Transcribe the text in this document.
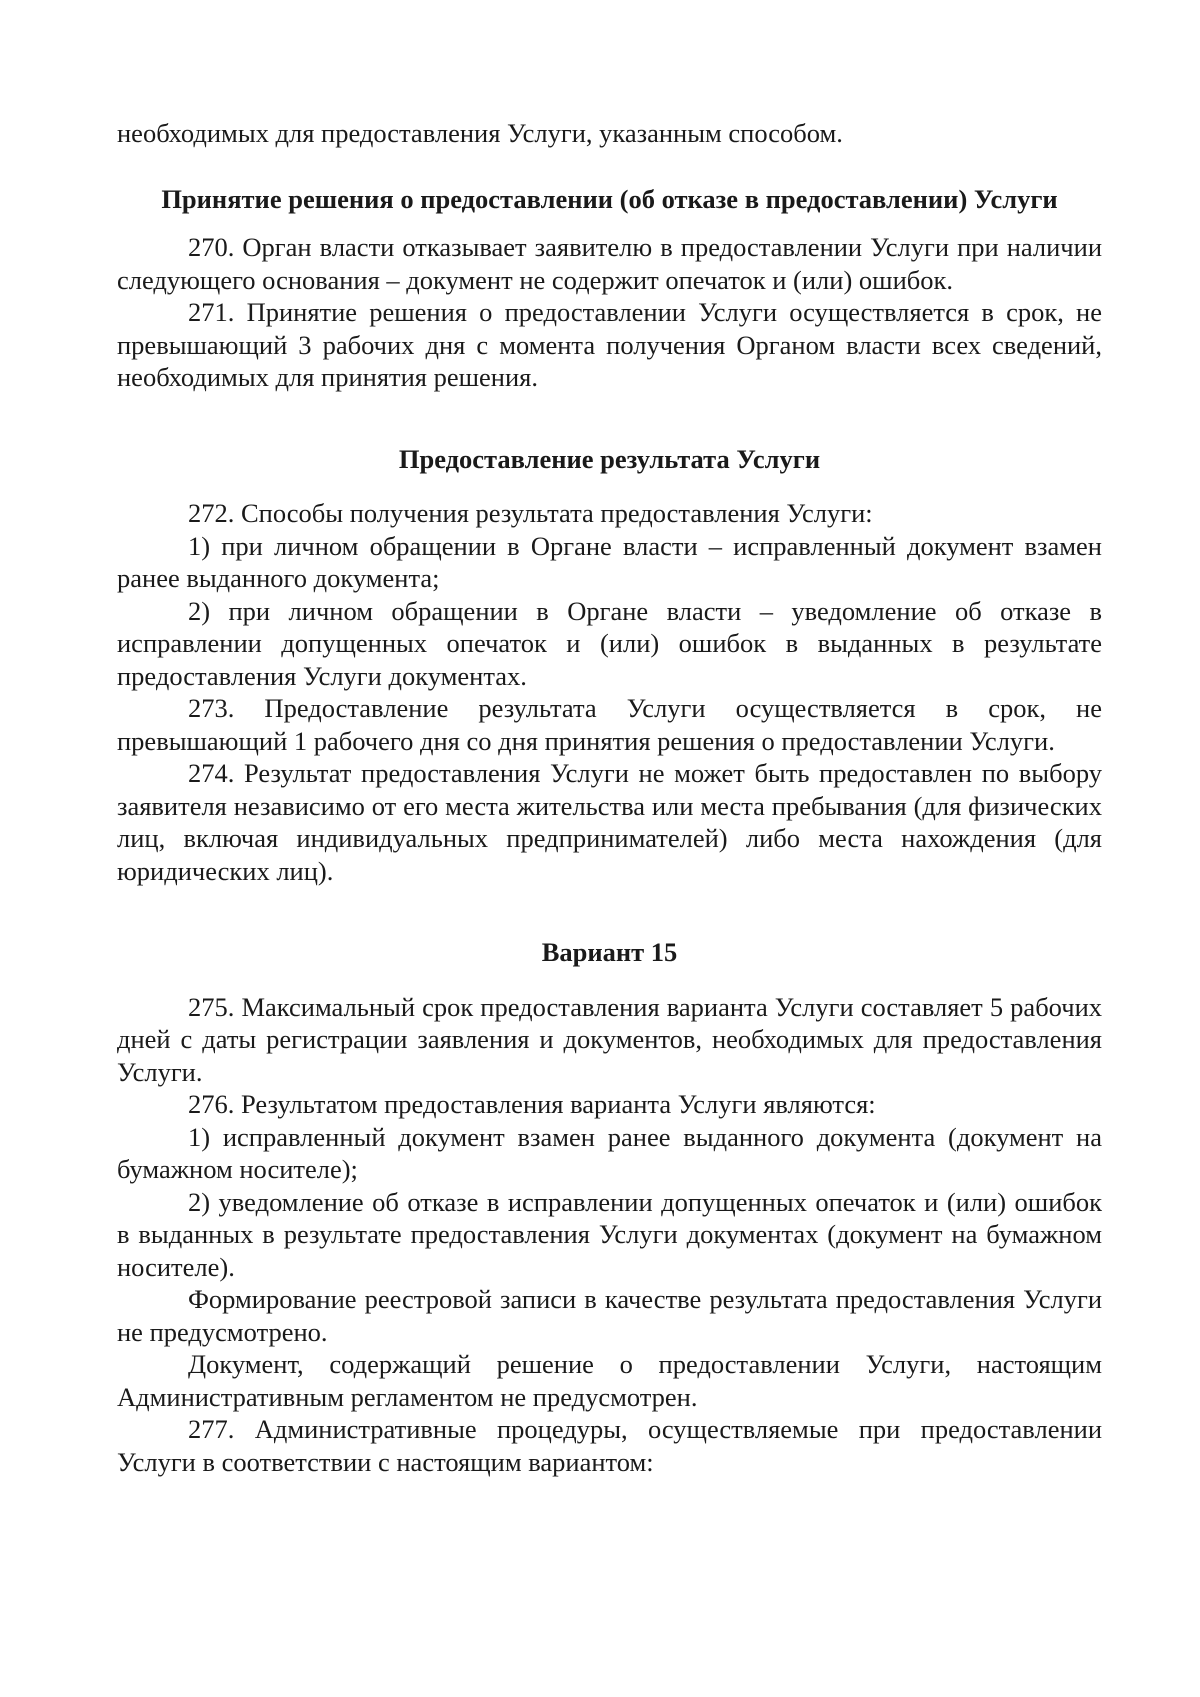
необходимых для предоставления Услуги, указанным способом.

Принятие решения о предоставлении (об отказе в предоставлении) Услуги

270. Орган власти отказывает заявителю в предоставлении Услуги при наличии следующего основания – документ не содержит опечаток и (или) ошибок.

271. Принятие решения о предоставлении Услуги осуществляется в срок, не превышающий 3 рабочих дня с момента получения Органом власти всех сведений, необходимых для принятия решения.

Предоставление результата Услуги

272. Способы получения результата предоставления Услуги:

1) при личном обращении в Органе власти – исправленный документ взамен ранее выданного документа;

2) при личном обращении в Органе власти – уведомление об отказе в исправлении допущенных опечаток и (или) ошибок в выданных в результате предоставления Услуги документах.

273. Предоставление результата Услуги осуществляется в срок, не превышающий 1 рабочего дня со дня принятия решения о предоставлении Услуги.

274. Результат предоставления Услуги не может быть предоставлен по выбору заявителя независимо от его места жительства или места пребывания (для физических лиц, включая индивидуальных предпринимателей) либо места нахождения (для юридических лиц).

Вариант 15

275. Максимальный срок предоставления варианта Услуги составляет 5 рабочих дней с даты регистрации заявления и документов, необходимых для предоставления Услуги.

276. Результатом предоставления варианта Услуги являются:

1) исправленный документ взамен ранее выданного документа (документ на бумажном носителе);

2) уведомление об отказе в исправлении допущенных опечаток и (или) ошибок в выданных в результате предоставления Услуги документах (документ на бумажном носителе).

Формирование реестровой записи в качестве результата предоставления Услуги не предусмотрено.

Документ, содержащий решение о предоставлении Услуги, настоящим Административным регламентом не предусмотрен.

277. Административные процедуры, осуществляемые при предоставлении Услуги в соответствии с настоящим вариантом:
